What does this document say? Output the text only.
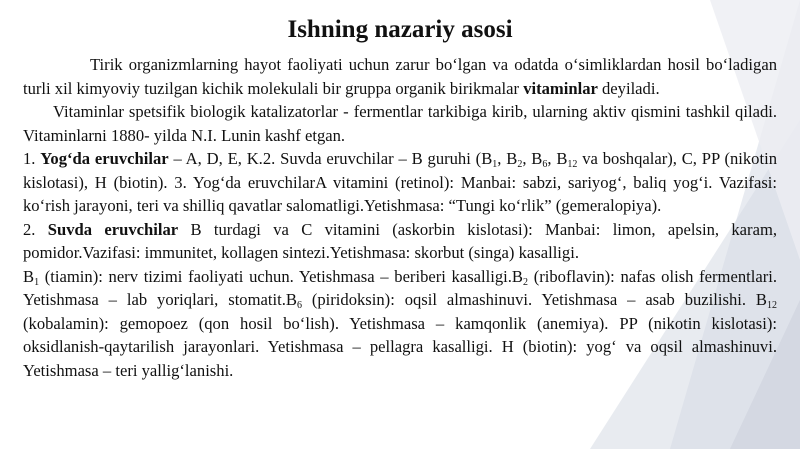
Ishning nazariy asosi

Tirik organizmlarning hayot faoliyati uchun zarur bo‘lgan va odatda o‘simliklardan hosil bo‘ladigan turli xil kimyoviy tuzilgan kichik molekulali bir gruppa organik birikmalar vitaminlar deyiladi.

Vitaminlar spetsifik biologik katalizatorlar - fermentlar tarkibiga kirib, ularning aktiv qismini tashkil qiladi. Vitaminlarni 1880- yilda N.I. Lunin kashf etgan.

1. Yog‘da eruvchilar – A, D, E, K.2. Suvda eruvchilar – B guruhi ($B_1$, $B_2$, $B_6$, $B_{12}$ va boshqalar), C, PP (nikotin kislotasi), H (biotin). 3. Yog‘da eruvchilarA vitamini (retinol): Manbai: sabzi, sariyog‘, baliq yog‘i. Vazifasi: ko‘rish jarayoni, teri va shilliq qavatlar salomatligi.Yetishmasa: “Tungi ko‘rlik” (gemeralopiya).

2. Suvda eruvchilar B turdagi va C vitamini (askorbin kislotasi): Manbai: limon, apelsin, karam, pomidor.Vazifasi: immunitet, kollagen sintezi.Yetishmasa: skorbut (singa) kasalligi.

$B_1$ (tiamin): nerv tizimi faoliyati uchun. Yetishmasa – beriberi $kasalligi.B_2$ (riboflavin): nafas olish fermentlari. Yetishmasa – lab yoriqlari, $stomatit.B_6$ (piridoksin): oqsil almashinuvi. Yetishmasa – asab buzilishi. $B_{12}$ (kobalamin): gemopoez (qon hosil bo‘lish). Yetishmasa – kamqonlik (anemiya). PP (nikotin kislotasi): oksidlanish-qaytarilish jarayonlari. Yetishmasa – pellagra kasalligi. H (biotin): yog‘ va oqsil almashinuvi. Yetishmasa – teri yallig‘lanishi.
